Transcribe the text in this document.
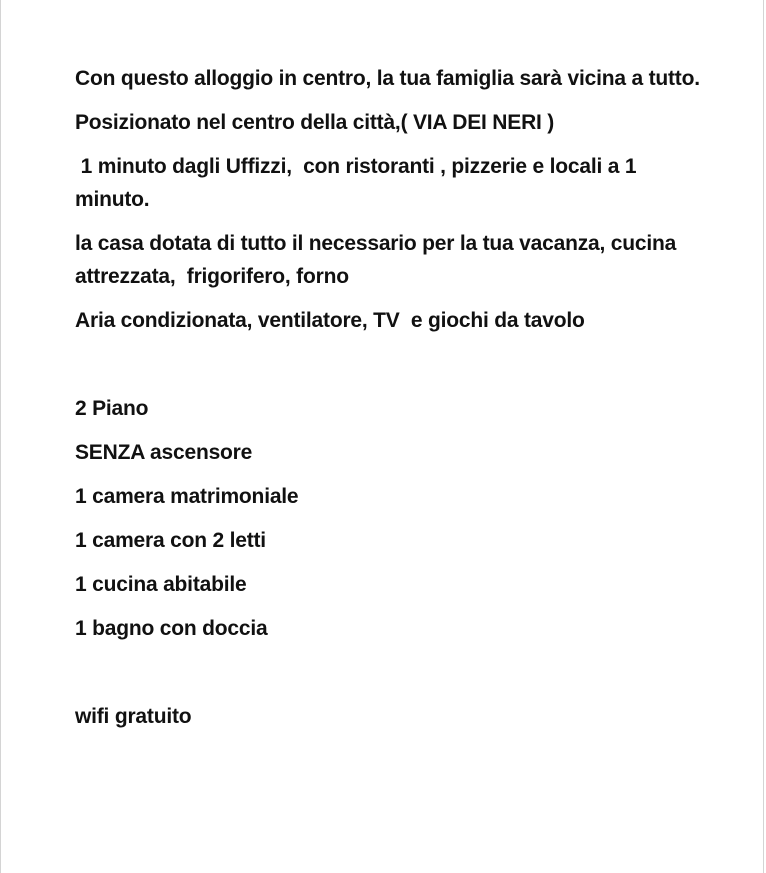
Con questo alloggio in centro, la tua famiglia sarà vicina a tutto.

Posizionato nel centro della città,( VIA DEI NERI )

1 minuto dagli Uffizzi,  con ristoranti , pizzerie e locali a 1 minuto.

la casa dotata di tutto il necessario per la tua vacanza, cucina attrezzata,  frigorifero, forno

Aria condizionata, ventilatore, TV  e giochi da tavolo

2 Piano

SENZA ascensore

1 camera matrimoniale

1 camera con 2 letti

1 cucina abitabile

1 bagno con doccia

wifi gratuito
